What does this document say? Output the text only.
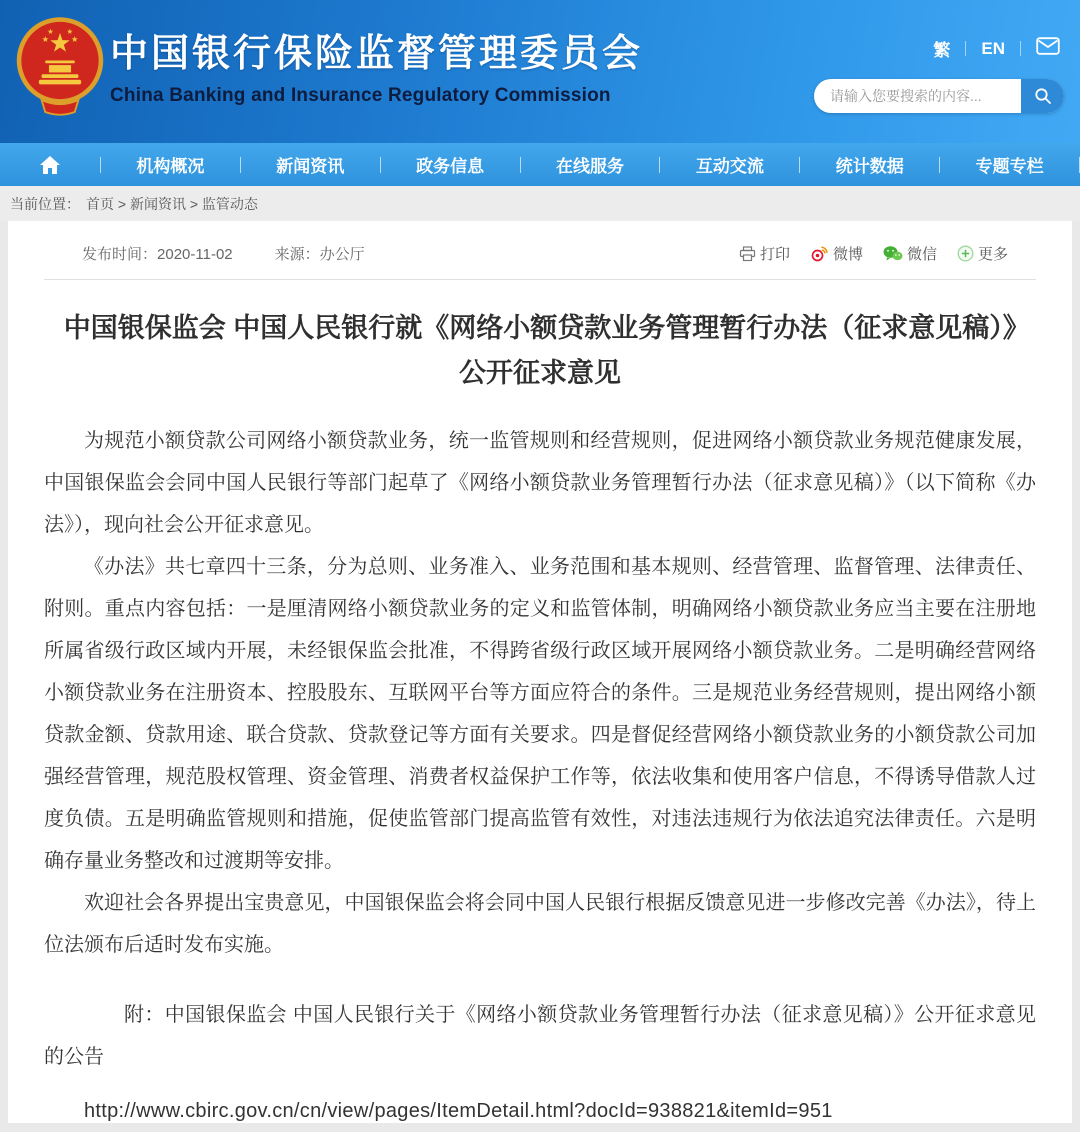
★ ★
★ ★
中国银行保险监督管理委员会
China Banking and Insurance Regulatory Commission
繁 EN
请输入您要搜索的内容...
机构概况	新闻资讯	政务信息	在线服务	互动交流	统计数据	专题专栏
当前位置： 首页 > 新闻资讯 > 监管动态
发布时间：2020-11-02	来源：办公厅	打印	微博	微信	更多
中国银保监会 中国人民银行就《网络小额贷款业务管理暂行办法（征求意见稿）》公开征求意见

为规范小额贷款公司网络小额贷款业务，统一监管规则和经营规则，促进网络小额贷款业务规范健康发展，中国银保监会会同中国人民银行等部门起草了《网络小额贷款业务管理暂行办法（征求意见稿）》（以下简称《办法》），现向社会公开征求意见。

《办法》共七章四十三条，分为总则、业务准入、业务范围和基本规则、经营管理、监督管理、法律责任、附则。重点内容包括：一是厘清网络小额贷款业务的定义和监管体制，明确网络小额贷款业务应当主要在注册地所属省级行政区域内开展，未经银保监会批准，不得跨省级行政区域开展网络小额贷款业务。二是明确经营网络小额贷款业务在注册资本、控股股东、互联网平台等方面应符合的条件。三是规范业务经营规则，提出网络小额贷款金额、贷款用途、联合贷款、贷款登记等方面有关要求。四是督促经营网络小额贷款业务的小额贷款公司加强经营管理，规范股权管理、资金管理、消费者权益保护工作等，依法收集和使用客户信息，不得诱导借款人过度负债。五是明确监管规则和措施，促使监管部门提高监管有效性，对违法违规行为依法追究法律责任。六是明确存量业务整改和过渡期等安排。

欢迎社会各界提出宝贵意见，中国银保监会将会同中国人民银行根据反馈意见进一步修改完善《办法》，待上位法颁布后适时发布实施。

附：中国银保监会 中国人民银行关于《网络小额贷款业务管理暂行办法（征求意见稿）》公开征求意见的公告
http://www.cbirc.gov.cn/cn/view/pages/ItemDetail.html?docId=938821&itemId=951
